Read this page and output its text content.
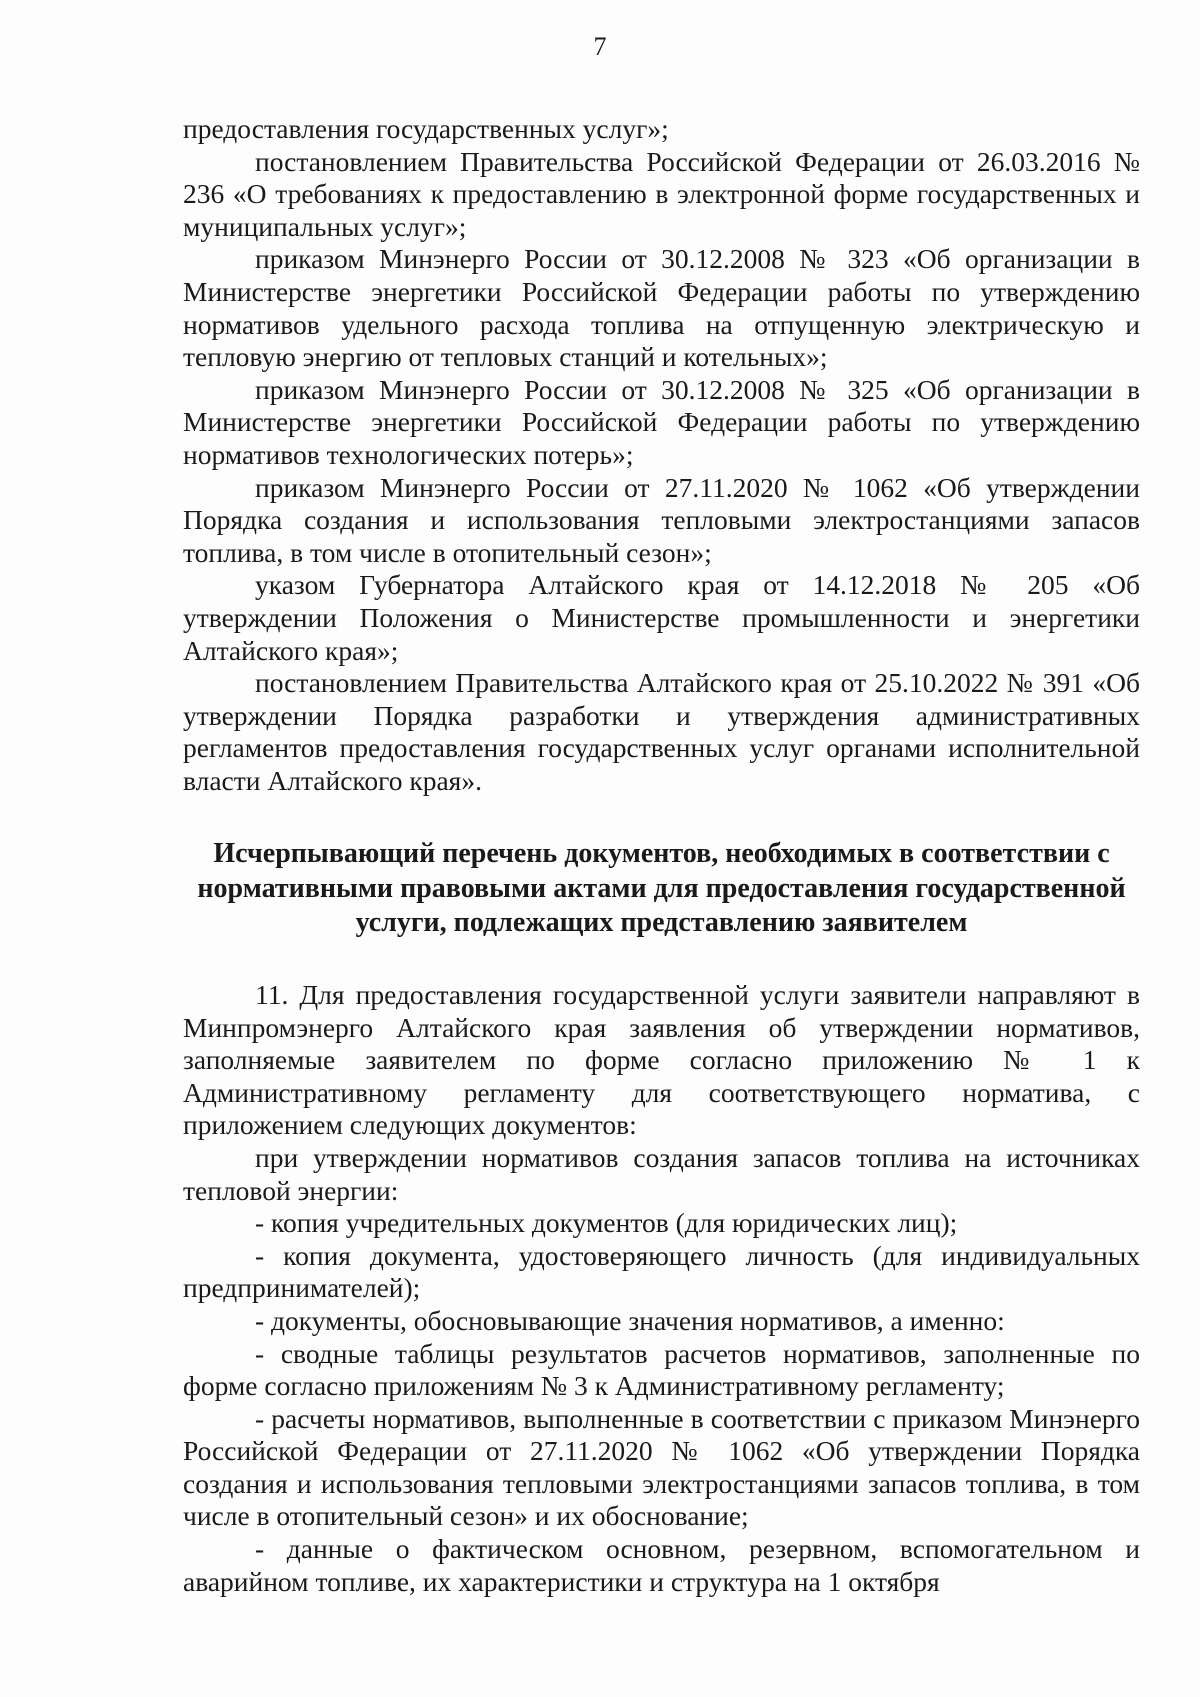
7

предоставления государственных услуг»;

постановлением Правительства Российской Федерации от 26.03.2016 № 236 «О требованиях к предоставлению в электронной форме государственных и муниципальных услуг»;

приказом Минэнерго России от 30.12.2008 № 323 «Об организации в Министерстве энергетики Российской Федерации работы по утверждению нормативов удельного расхода топлива на отпущенную электрическую и тепловую энергию от тепловых станций и котельных»;

приказом Минэнерго России от 30.12.2008 № 325 «Об организации в Министерстве энергетики Российской Федерации работы по утверждению нормативов технологических потерь»;

приказом Минэнерго России от 27.11.2020 № 1062 «Об утверждении Порядка создания и использования тепловыми электростанциями запасов топлива, в том числе в отопительный сезон»;

указом Губернатора Алтайского края от 14.12.2018 № 205 «Об утверждении Положения о Министерстве промышленности и энергетики Алтайского края»;

постановлением Правительства Алтайского края от 25.10.2022 № 391 «Об утверждении Порядка разработки и утверждения административных регламентов предоставления государственных услуг органами исполнительной власти Алтайского края».

Исчерпывающий перечень документов, необходимых в соответствии с нормативными правовыми актами для предоставления государственной услуги, подлежащих представлению заявителем

11. Для предоставления государственной услуги заявители направляют в Минпромэнерго Алтайского края заявления об утверждении нормативов, заполняемые заявителем по форме согласно приложению № 1 к Административному регламенту для соответствующего норматива, с приложением следующих документов:

при утверждении нормативов создания запасов топлива на источниках тепловой энергии:

- копия учредительных документов (для юридических лиц);

- копия документа, удостоверяющего личность (для индивидуальных предпринимателей);

- документы, обосновывающие значения нормативов, а именно:

- сводные таблицы результатов расчетов нормативов, заполненные по форме согласно приложениям № 3 к Административному регламенту;

- расчеты нормативов, выполненные в соответствии с приказом Минэнерго Российской Федерации от 27.11.2020 № 1062 «Об утверждении Порядка создания и использования тепловыми электростанциями запасов топлива, в том числе в отопительный сезон» и их обоснование;

- данные о фактическом основном, резервном, вспомогательном и аварийном топливе, их характеристики и структура на 1 октября
